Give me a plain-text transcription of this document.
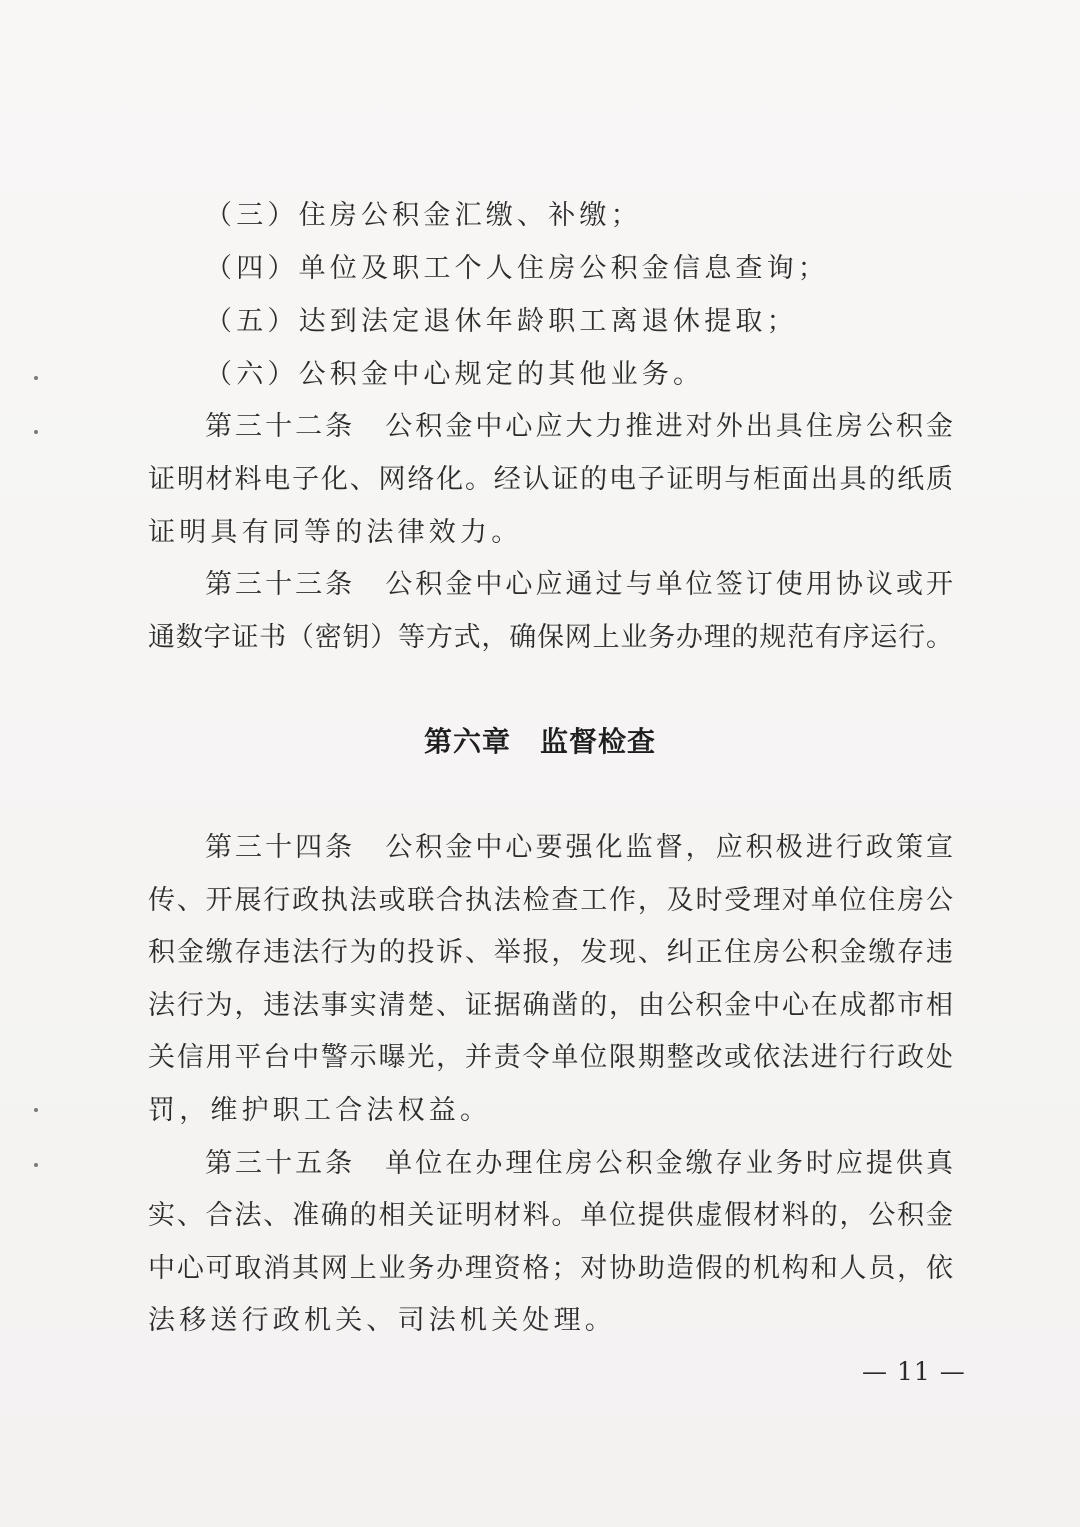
（三）住房公积金汇缴、补缴；
（四）单位及职工个人住房公积金信息查询；
（五）达到法定退休年龄职工离退休提取；
（六）公积金中心规定的其他业务。
第三十二条　公积金中心应大力推进对外出具住房公积金
证明材料电子化、网络化。经认证的电子证明与柜面出具的纸质
证明具有同等的法律效力。
第三十三条　公积金中心应通过与单位签订使用协议或开
通数字证书（密钥）等方式，确保网上业务办理的规范有序运行。
第六章　监督检查
第三十四条　公积金中心要强化监督，应积极进行政策宣
传、开展行政执法或联合执法检查工作，及时受理对单位住房公
积金缴存违法行为的投诉、举报，发现、纠正住房公积金缴存违
法行为，违法事实清楚、证据确凿的，由公积金中心在成都市相
关信用平台中警示曝光，并责令单位限期整改或依法进行行政处
罚，维护职工合法权益。
第三十五条　单位在办理住房公积金缴存业务时应提供真
实、合法、准确的相关证明材料。单位提供虚假材料的，公积金
中心可取消其网上业务办理资格；对协助造假的机构和人员，依
法移送行政机关、司法机关处理。
— 11 —
